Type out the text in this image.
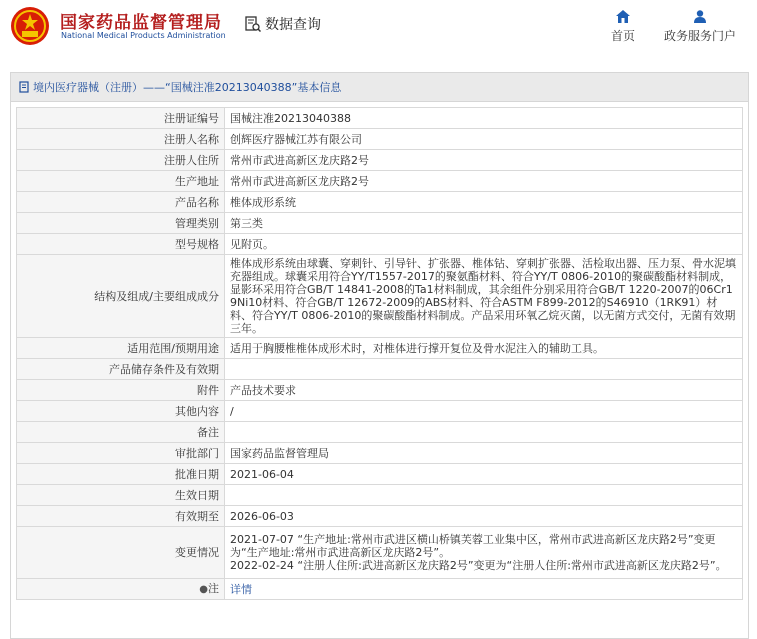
国家药品监督管理局
National Medical Products Administration
数据查询
首页	政务服务门户
境内医疗器械（注册）——“国械注准20213040388”基本信息
注册证编号	国械注准20213040388
注册人名称	创辉医疗器械江苏有限公司
注册人住所	常州市武进高新区龙庆路2号
生产地址	常州市武进高新区龙庆路2号
产品名称	椎体成形系统
管理类别	第三类
型号规格	见附页。
结构及组成/主要组成成分	椎体成形系统由球囊、穿刺针、引导针、扩张器、椎体钻、穿刺扩张器、活检取出器、压力泵、骨水泥填充器组成。球囊采用符合YY/T1557-2017的聚氨酯材料、符合YY/T 0806-2010的聚碳酸酯材料制成，显影环采用符合GB/T 14841-2008的Ta1材料制成，其余组件分别采用符合GB/T 1220-2007的06Cr19Ni10材料、符合GB/T 12672-2009的ABS材料、符合ASTM F899-2012的S46910（1RK91）材料、符合YY/T 0806-2010的聚碳酸酯材料制成。产品采用环氧乙烷灭菌，以无菌方式交付，无菌有效期三年。
适用范围/预期用途	适用于胸腰椎椎体成形术时，对椎体进行撑开复位及骨水泥注入的辅助工具。
产品储存条件及有效期	
附件	产品技术要求
其他内容	/
备注	
审批部门	国家药品监督管理局
批准日期	2021-06-04
生效日期	
有效期至	2026-06-03
变更情况	2021-07-07 “生产地址:常州市武进区横山桥镇芙蓉工业集中区，常州市武进高新区龙庆路2号”变更为“生产地址:常州市武进高新区龙庆路2号”。
2022-02-24 “注册人住所:武进高新区龙庆路2号”变更为“注册人住所:常州市武进高新区龙庆路2号”。
●注	详情
